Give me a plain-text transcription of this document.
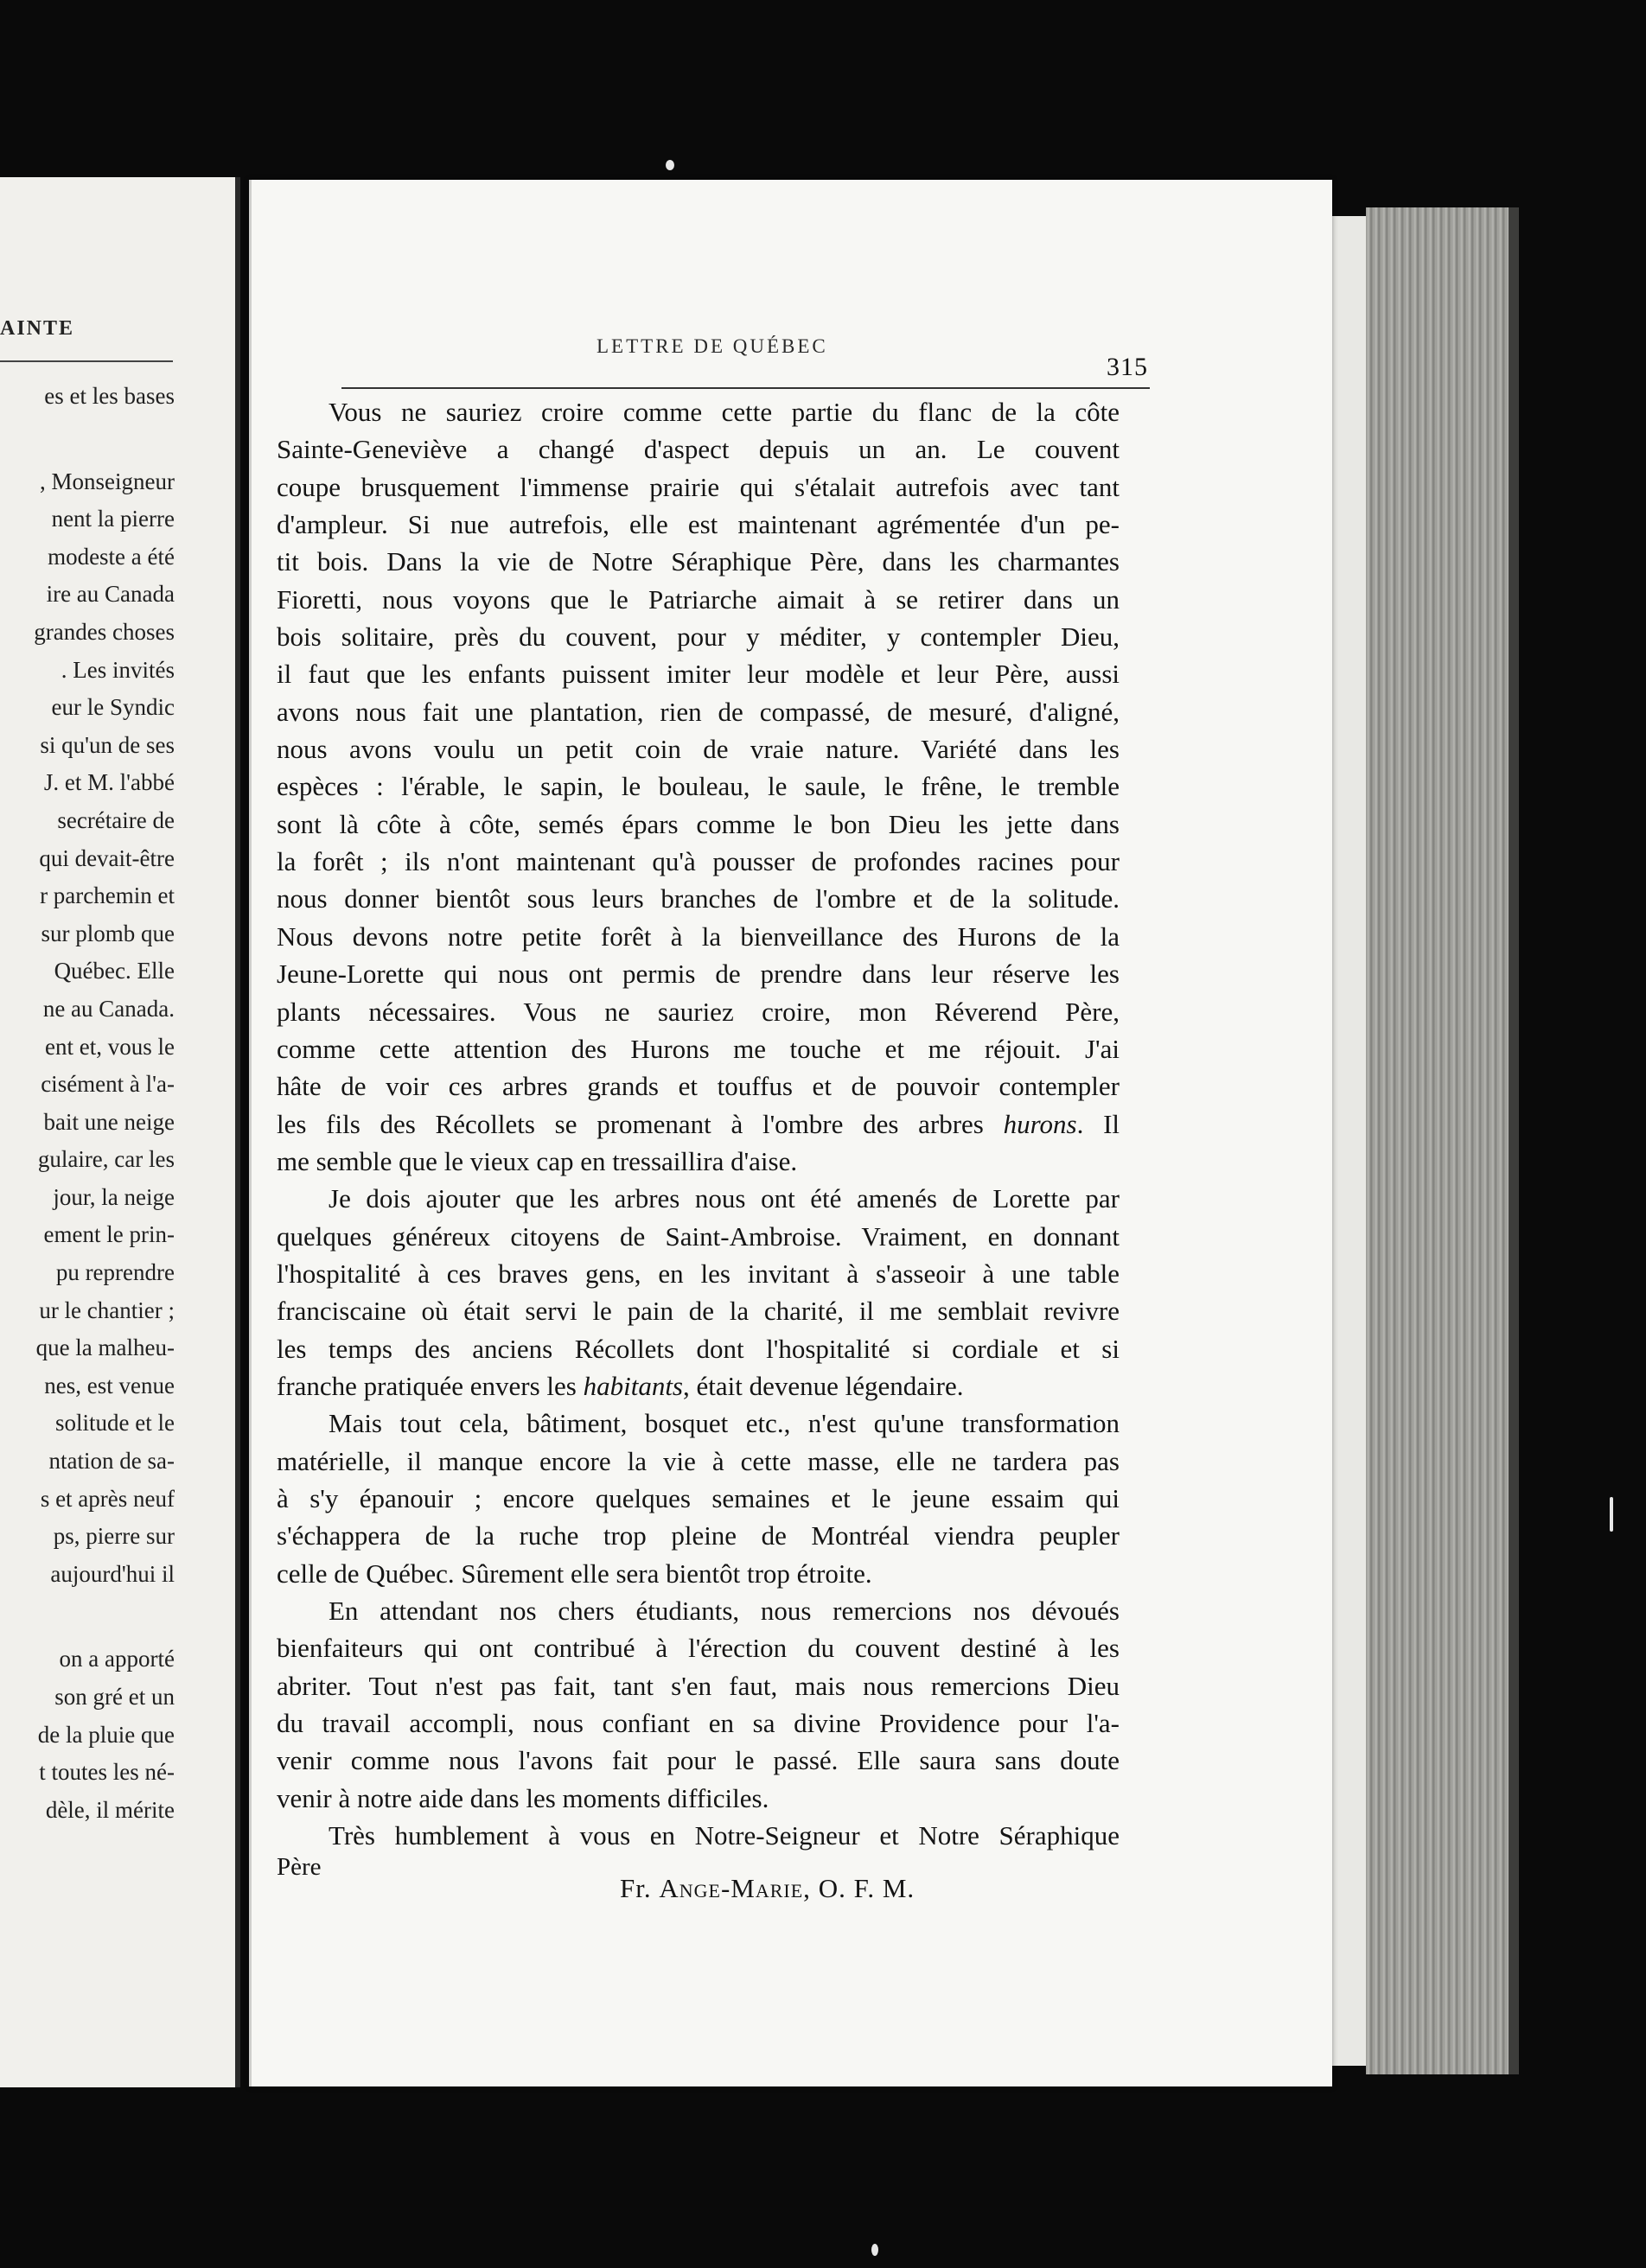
AINTE
es et les bases
, Monseigneur
nent la pierre
modeste a été
ire au Canada
grandes choses
. Les invités
eur le Syndic
si qu'un de ses
J. et M. l'abbé
secrétaire de
qui devait-être
r parchemin et
sur plomb que
Québec. Elle
ne au Canada.
ent et, vous le
cisément à l'a-
bait une neige
gulaire, car les
jour, la neige
ement le prin-
pu reprendre
ur le chantier ;
que la malheu-
nes, est venue
solitude et le
ntation de sa-
s et après neuf
ps, pierre sur
aujourd'hui il
on a apporté
son gré et un
de la pluie que
t toutes les né-
dèle, il mérite
LETTRE DE QUÉBEC
315
Vous ne sauriez croire comme cette partie du flanc de la côte
Sainte-Geneviève a changé d'aspect depuis un an. Le couvent
coupe brusquement l'immense prairie qui s'étalait autrefois avec tant
d'ampleur. Si nue autrefois, elle est maintenant agrémentée d'un pe-
tit bois. Dans la vie de Notre Séraphique Père, dans les charmantes
Fioretti, nous voyons que le Patriarche aimait à se retirer dans un
bois solitaire, près du couvent, pour y méditer, y contempler Dieu,
il faut que les enfants puissent imiter leur modèle et leur Père, aussi
avons nous fait une plantation, rien de compassé, de mesuré, d'aligné,
nous avons voulu un petit coin de vraie nature. Variété dans les
espèces : l'érable, le sapin, le bouleau, le saule, le frêne, le tremble
sont là côte à côte, semés épars comme le bon Dieu les jette dans
la forêt ; ils n'ont maintenant qu'à pousser de profondes racines pour
nous donner bientôt sous leurs branches de l'ombre et de la solitude.
Nous devons notre petite forêt à la bienveillance des Hurons de la
Jeune-Lorette qui nous ont permis de prendre dans leur réserve les
plants nécessaires. Vous ne sauriez croire, mon Réverend Père,
comme cette attention des Hurons me touche et me réjouit. J'ai
hâte de voir ces arbres grands et touffus et de pouvoir contempler
les fils des Récollets se promenant à l'ombre des arbres hurons. Il
me semble que le vieux cap en tressaillira d'aise.
Je dois ajouter que les arbres nous ont été amenés de Lorette par
quelques généreux citoyens de Saint-Ambroise. Vraiment, en donnant
l'hospitalité à ces braves gens, en les invitant à s'asseoir à une table
franciscaine où était servi le pain de la charité, il me semblait revivre
les temps des anciens Récollets dont l'hospitalité si cordiale et si
franche pratiquée envers les habitants, était devenue légendaire.
Mais tout cela, bâtiment, bosquet etc., n'est qu'une transformation
matérielle, il manque encore la vie à cette masse, elle ne tardera pas
à s'y épanouir ; encore quelques semaines et le jeune essaim qui
s'échappera de la ruche trop pleine de Montréal viendra peupler
celle de Québec. Sûrement elle sera bientôt trop étroite.
En attendant nos chers étudiants, nous remercions nos dévoués
bienfaiteurs qui ont contribué à l'érection du couvent destiné à les
abriter. Tout n'est pas fait, tant s'en faut, mais nous remercions Dieu
du travail accompli, nous confiant en sa divine Providence pour l'a-
venir comme nous l'avons fait pour le passé. Elle saura sans doute
venir à notre aide dans les moments difficiles.
Très humblement à vous en Notre-Seigneur et Notre Séraphique
Père
Fr. Ange-Marie, O. F. M.
